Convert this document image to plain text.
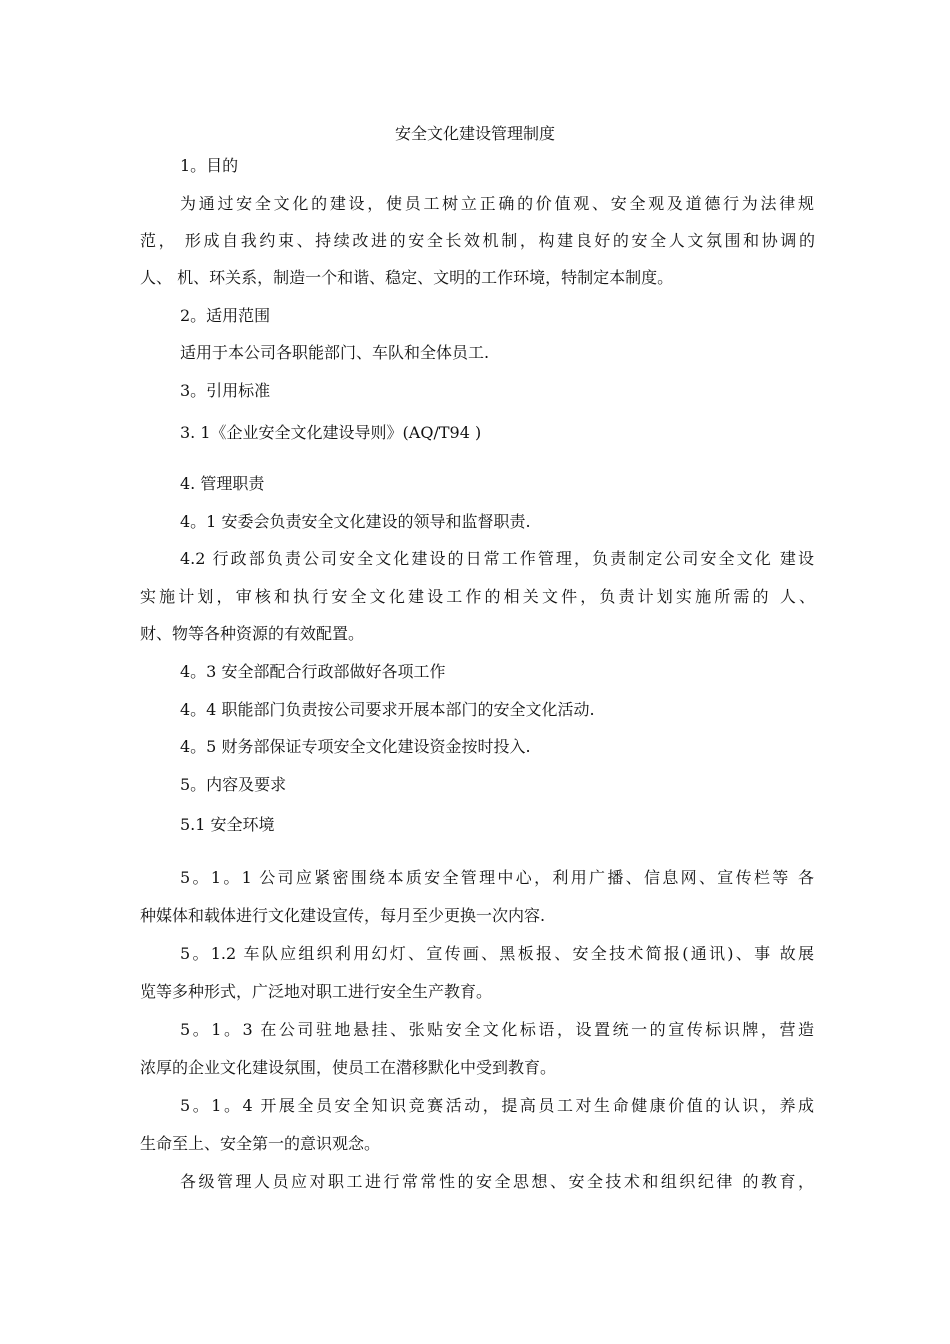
安全文化建设管理制度
1。目的
为通过安全文化的建设，使员工树立正确的价值观、安全观及道德行为法律规
范， 形成自我约束、持续改进的安全长效机制，构建良好的安全人文氛围和协调的
人、 机、环关系，制造一个和谐、稳定、文明的工作环境，特制定本制度。
2。适用范围
适用于本公司各职能部门、车队和全体员工.
3。引用标准
3. 1《企业安全文化建设导则》(AQ/T94 )
4. 管理职责
4。1 安委会负责安全文化建设的领导和监督职责.
4.2 行政部负责公司安全文化建设的日常工作管理，负责制定公司安全文化 建设
实施计划，审核和执行安全文化建设工作的相关文件，负责计划实施所需的 人、
财、物等各种资源的有效配置。
4。3 安全部配合行政部做好各项工作
4。4 职能部门负责按公司要求开展本部门的安全文化活动.
4。5 财务部保证专项安全文化建设资金按时投入.
5。内容及要求
5.1 安全环境
5。1。1 公司应紧密围绕本质安全管理中心，利用广播、信息网、宣传栏等 各
种媒体和载体进行文化建设宣传，每月至少更换一次内容.
5。1.2 车队应组织利用幻灯、宣传画、黑板报、安全技术简报(通讯)、事 故展
览等多种形式，广泛地对职工进行安全生产教育。
5。1。3 在公司驻地悬挂、张贴安全文化标语，设置统一的宣传标识牌，营造
浓厚的企业文化建设氛围，使员工在潜移默化中受到教育。
5。1。4 开展全员安全知识竞赛活动，提高员工对生命健康价值的认识，养成
生命至上、安全第一的意识观念。
各级管理人员应对职工进行常常性的安全思想、安全技术和组织纪律 的教育，
